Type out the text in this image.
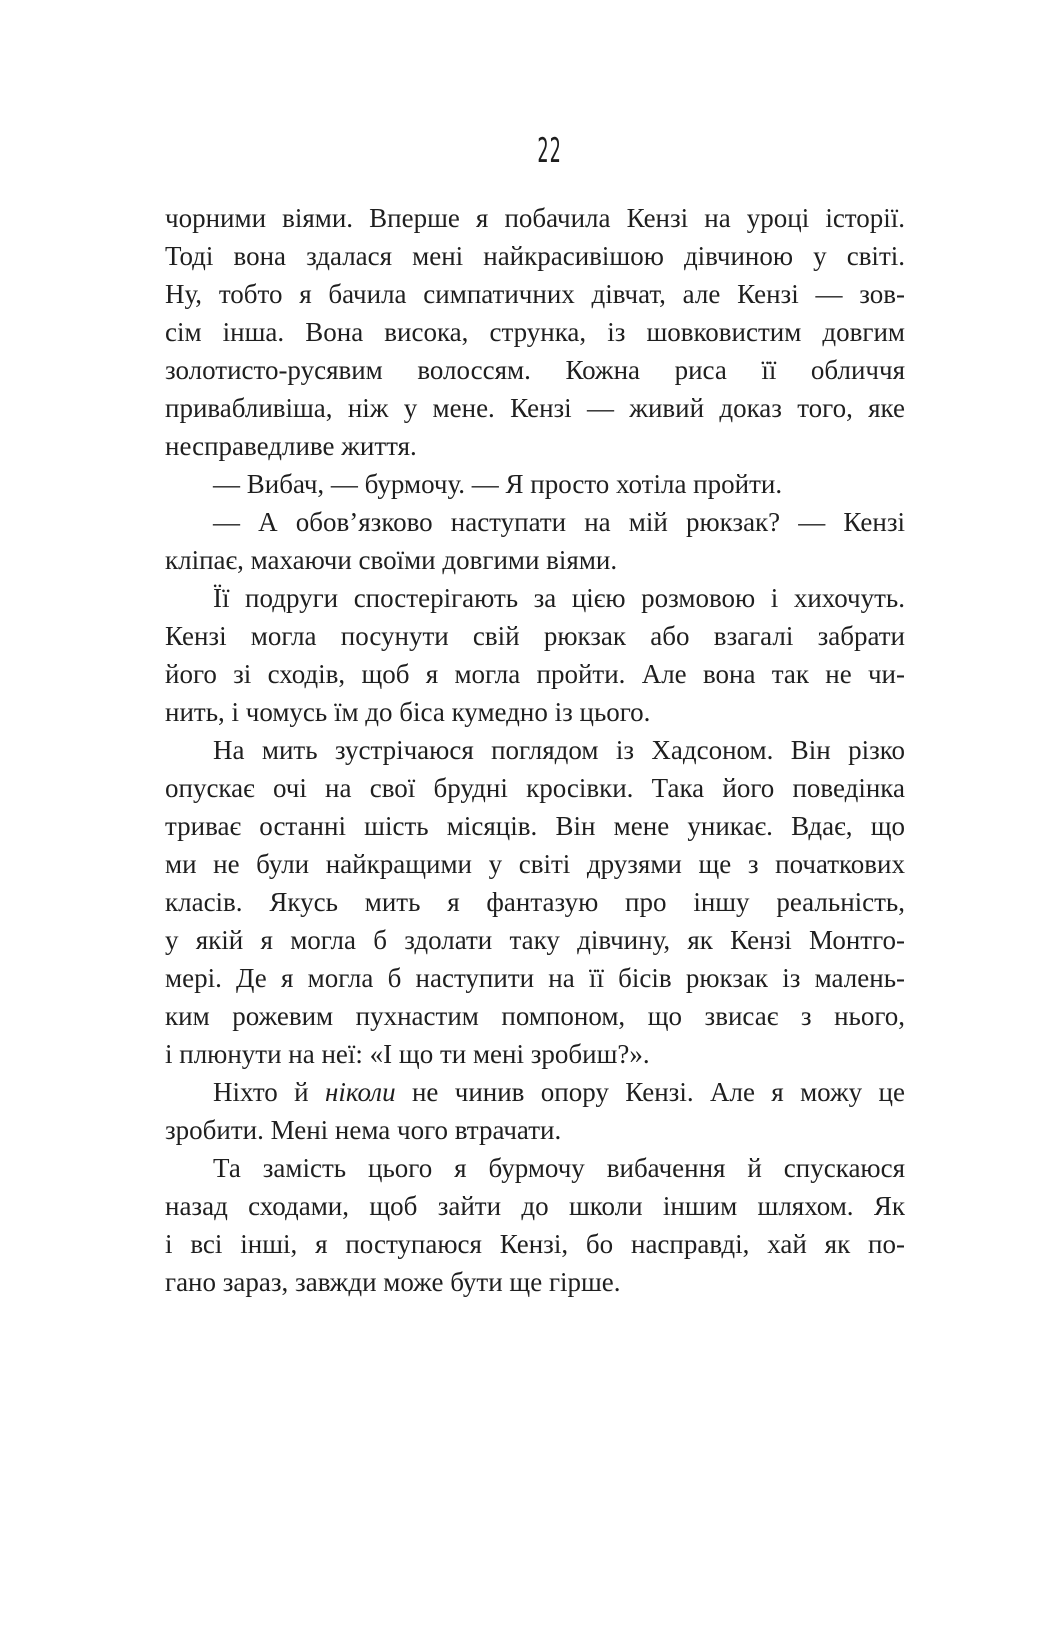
22
чорними віями. Вперше я побачила Кензі на уроці історії.
Тоді вона здалася мені найкрасивішою дівчиною у світі.
Ну, тобто я бачила симпатичних дівчат, але Кензі — зов-
сім інша. Вона висока, струнка, із шовковистим довгим
золотисто-русявим волоссям. Кожна риса її обличчя
привабливіша, ніж у мене. Кензі — живий доказ того, яке
несправедливе життя.
— Вибач, — бурмочу. — Я просто хотіла пройти.
— А обов’язково наступати на мій рюкзак? — Кензі
кліпає, махаючи своїми довгими віями.
Її подруги спостерігають за цією розмовою і хихочуть.
Кензі могла посунути свій рюкзак або взагалі забрати
його зі сходів, щоб я могла пройти. Але вона так не чи-
нить, і чомусь їм до біса кумедно із цього.
На мить зустрічаюся поглядом із Хадсоном. Він різко
опускає очі на свої брудні кросівки. Така його поведінка
триває останні шість місяців. Він мене уникає. Вдає, що
ми не були найкращими у світі друзями ще з початкових
класів. Якусь мить я фантазую про іншу реальність,
у якій я могла б здолати таку дівчину, як Кензі Монтго-
мері. Де я могла б наступити на її бісів рюкзак із малень-
ким рожевим пухнастим помпоном, що звисає з нього,
і плюнути на неї: «І що ти мені зробиш?».
Ніхто й ніколи не чинив опору Кензі. Але я можу це
зробити. Мені нема чого втрачати.
Та замість цього я бурмочу вибачення й спускаюся
назад сходами, щоб зайти до школи іншим шляхом. Як
і всі інші, я поступаюся Кензі, бо насправді, хай як по-
гано зараз, завжди може бути ще гірше.
